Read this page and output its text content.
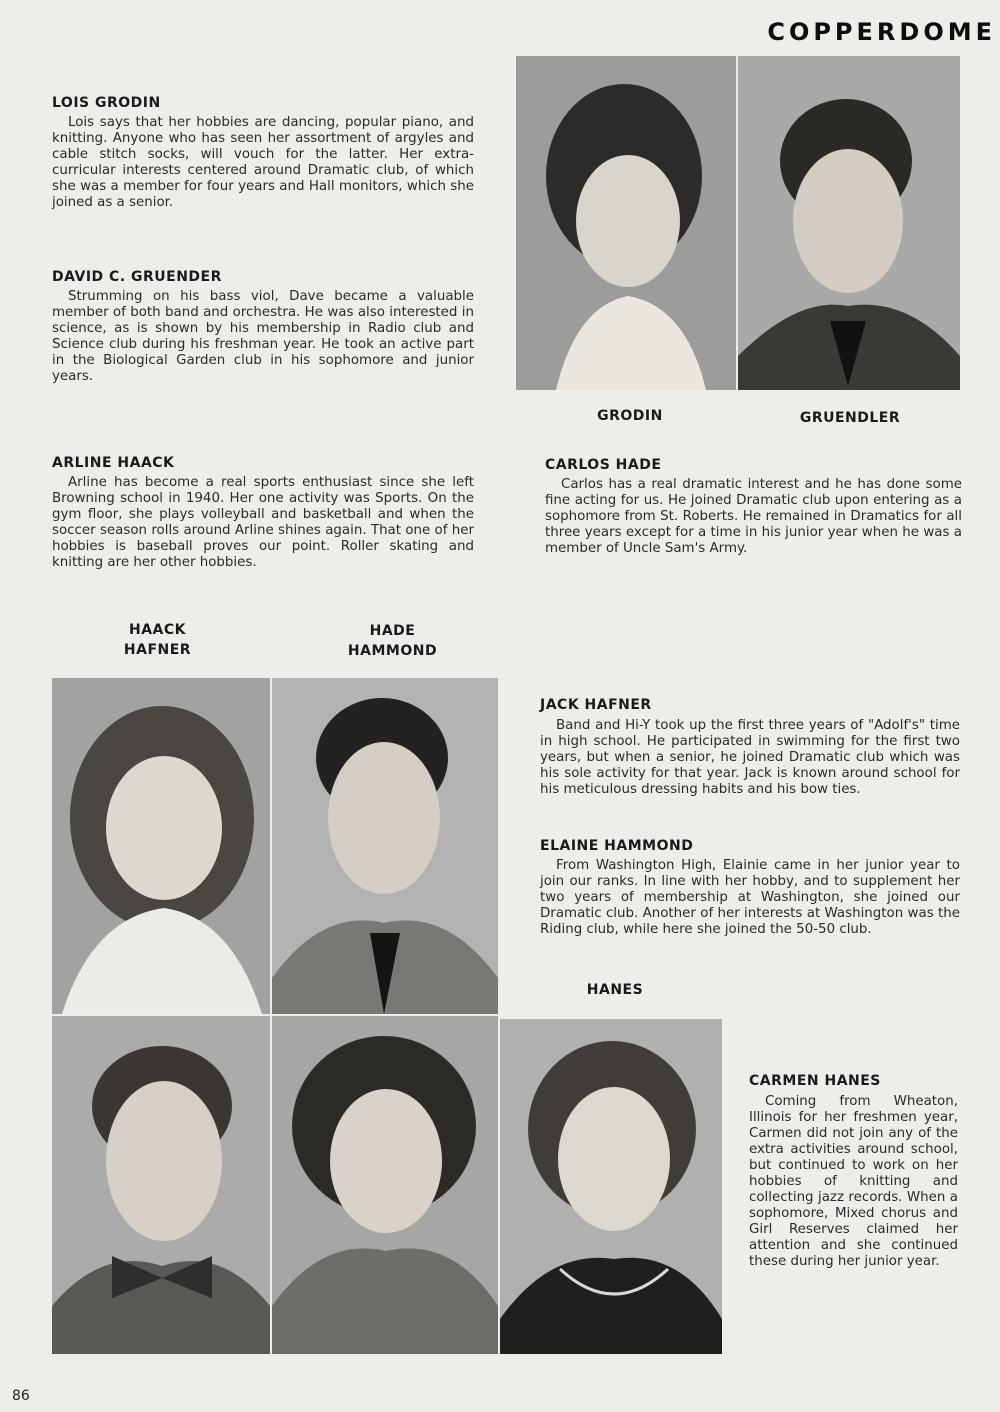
COPPERDOME
LOIS GRODIN

Lois says that her hobbies are dancing, popular piano, and knitting. Anyone who has seen her assortment of argyles and cable stitch socks, will vouch for the latter. Her extra-curricular interests centered around Dramatic club, of which she was a member for four years and Hall monitors, which she joined as a senior.

DAVID C. GRUENDER

Strumming on his bass viol, Dave became a valuable member of both band and orchestra. He was also interested in science, as is shown by his membership in Radio club and Science club during his freshman year. He took an active part in the Biological Garden club in his sophomore and junior years.

ARLINE HAACK

Arline has become a real sports enthusiast since she left Browning school in 1940. Her one activity was Sports. On the gym floor, she plays volleyball and basketball and when the soccer season rolls around Arline shines again. That one of her hobbies is baseball proves our point. Roller skating and knitting are her other hobbies.

GRODIN	GRUENDLER
CARLOS HADE

Carlos has a real dramatic interest and he has done some fine acting for us. He joined Dramatic club upon entering as a sophomore from St. Roberts. He remained in Dramatics for all three years except for a time in his junior year when he was a member of Uncle Sam's Army.

HAACK
HAFNER
HADE
HAMMOND
JACK HAFNER

Band and Hi-Y took up the first three years of "Adolf's" time in high school. He participated in swimming for the first two years, but when a senior, he joined Dramatic club which was his sole activity for that year. Jack is known around school for his meticulous dressing habits and his bow ties.

ELAINE HAMMOND

From Washington High, Elainie came in her junior year to join our ranks. In line with her hobby, and to supplement her two years of membership at Washington, she joined our Dramatic club. Another of her interests at Washington was the Riding club, while here she joined the 50-50 club.

HANES
CARMEN HANES

Coming from Wheaton, Illinois for her freshmen year, Carmen did not join any of the extra activities around school, but continued to work on her hobbies of knitting and collecting jazz records. When a sophomore, Mixed chorus and Girl Reserves claimed her attention and she continued these during her junior year.

86
